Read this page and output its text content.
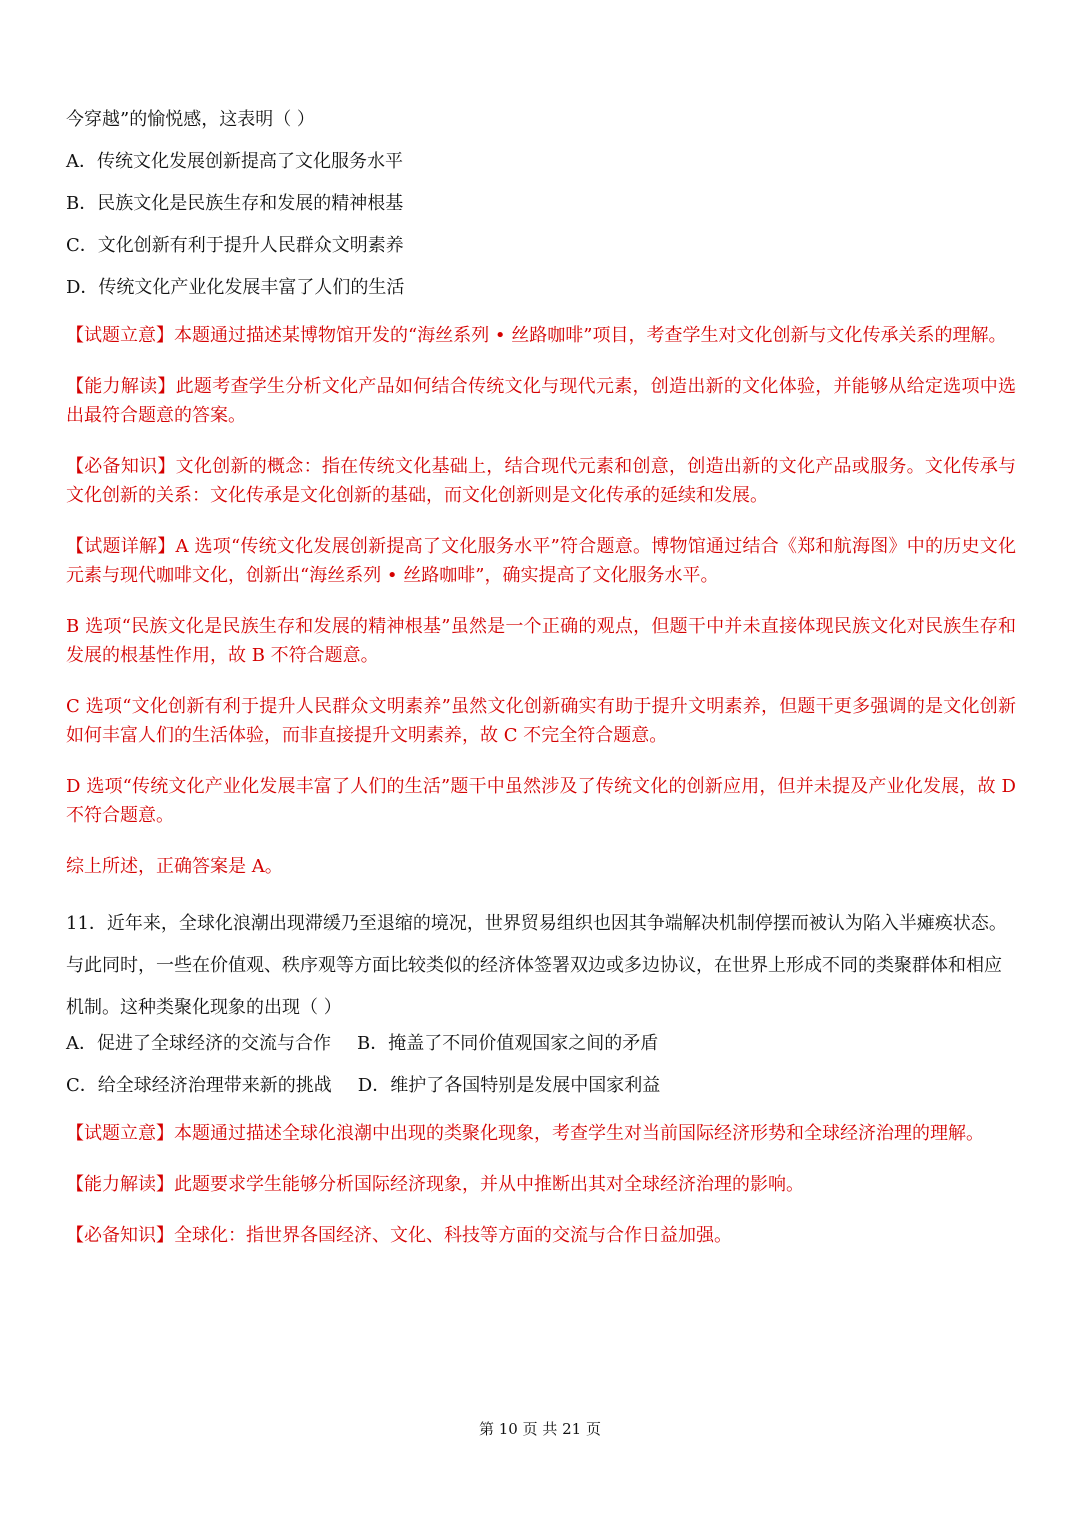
今穿越”的愉悦感，这表明（ ）

A．传统文化发展创新提高了文化服务水平

B．民族文化是民族生存和发展的精神根基

C．文化创新有利于提升人民群众文明素养

D．传统文化产业化发展丰富了人们的生活

【试题立意】本题通过描述某博物馆开发的“海丝系列 • 丝路咖啡”项目，考查学生对文化创新与文化传承关系的理解。

【能力解读】此题考查学生分析文化产品如何结合传统文化与现代元素，创造出新的文化体验，并能够从给定选项中选出最符合题意的答案。

【必备知识】文化创新的概念：指在传统文化基础上，结合现代元素和创意，创造出新的文化产品或服务。文化传承与文化创新的关系：文化传承是文化创新的基础，而文化创新则是文化传承的延续和发展。

【试题详解】A 选项“传统文化发展创新提高了文化服务水平”符合题意。博物馆通过结合《郑和航海图》中的历史文化元素与现代咖啡文化，创新出“海丝系列 • 丝路咖啡”，确实提高了文化服务水平。

B 选项“民族文化是民族生存和发展的精神根基”虽然是一个正确的观点，但题干中并未直接体现民族文化对民族生存和发展的根基性作用，故 B 不符合题意。

C 选项“文化创新有利于提升人民群众文明素养”虽然文化创新确实有助于提升文明素养，但题干更多强调的是文化创新如何丰富人们的生活体验，而非直接提升文明素养，故 C 不完全符合题意。

D 选项“传统文化产业化发展丰富了人们的生活”题干中虽然涉及了传统文化的创新应用，但并未提及产业化发展，故 D 不符合题意。

综上所述，正确答案是 A。

11．近年来，全球化浪潮出现滞缓乃至退缩的境况，世界贸易组织也因其争端解决机制停摆而被认为陷入半瘫痪状态。与此同时，一些在价值观、秩序观等方面比较类似的经济体签署双边或多边协议，在世界上形成不同的类聚群体和相应机制。这种类聚化现象的出现（ ）

A．促进了全球经济的交流与合作 B．掩盖了不同价值观国家之间的矛盾
C．给全球经济治理带来新的挑战 D．维护了各国特别是发展中国家利益

【试题立意】本题通过描述全球化浪潮中出现的类聚化现象，考查学生对当前国际经济形势和全球经济治理的理解。

【能力解读】此题要求学生能够分析国际经济现象，并从中推断出其对全球经济治理的影响。

【必备知识】全球化：指世界各国经济、文化、科技等方面的交流与合作日益加强。

第 10 页 共 21 页
